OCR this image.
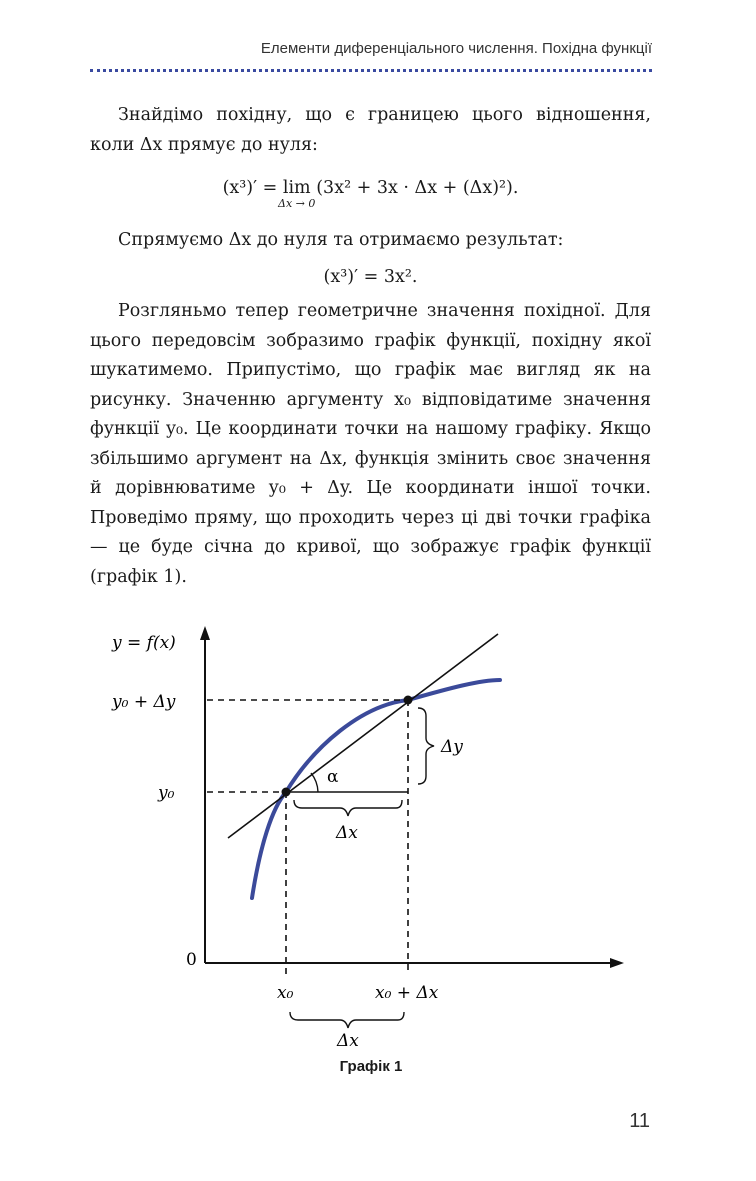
Елементи диференціального числення. Похідна функції

Знайдімо похідну, що є границею цього відношення, коли Δx прямує до нуля:

(x³)′ = lim (3x² + 3x · Δx + (Δx)²).
Δx → 0

Спрямуємо Δx до нуля та отримаємо результат:

(x³)′ = 3x².

Розгляньмо тепер геометричне значення похідної. Для цього передовсім зобразимо графік функції, похідну якої шукатимемо. Припустімо, що графік має вигляд як на рисунку. Значенню аргументу x₀ відповідатиме значення функції y₀. Це координати точки на нашому графіку. Якщо збільшимо аргумент на Δx, функція змінить своє значення й дорівнюватиме y₀ + Δy. Це координати іншої точки. Проведімо пряму, що проходить через ці дві точки графіка — це буде січна до кривої, що зображує графік функції (графік 1).

y = f(x)
y₀ + Δy
y₀
0
x₀	x₀ + Δx
Δx
Δx
Δy
α
Графік 1
11
